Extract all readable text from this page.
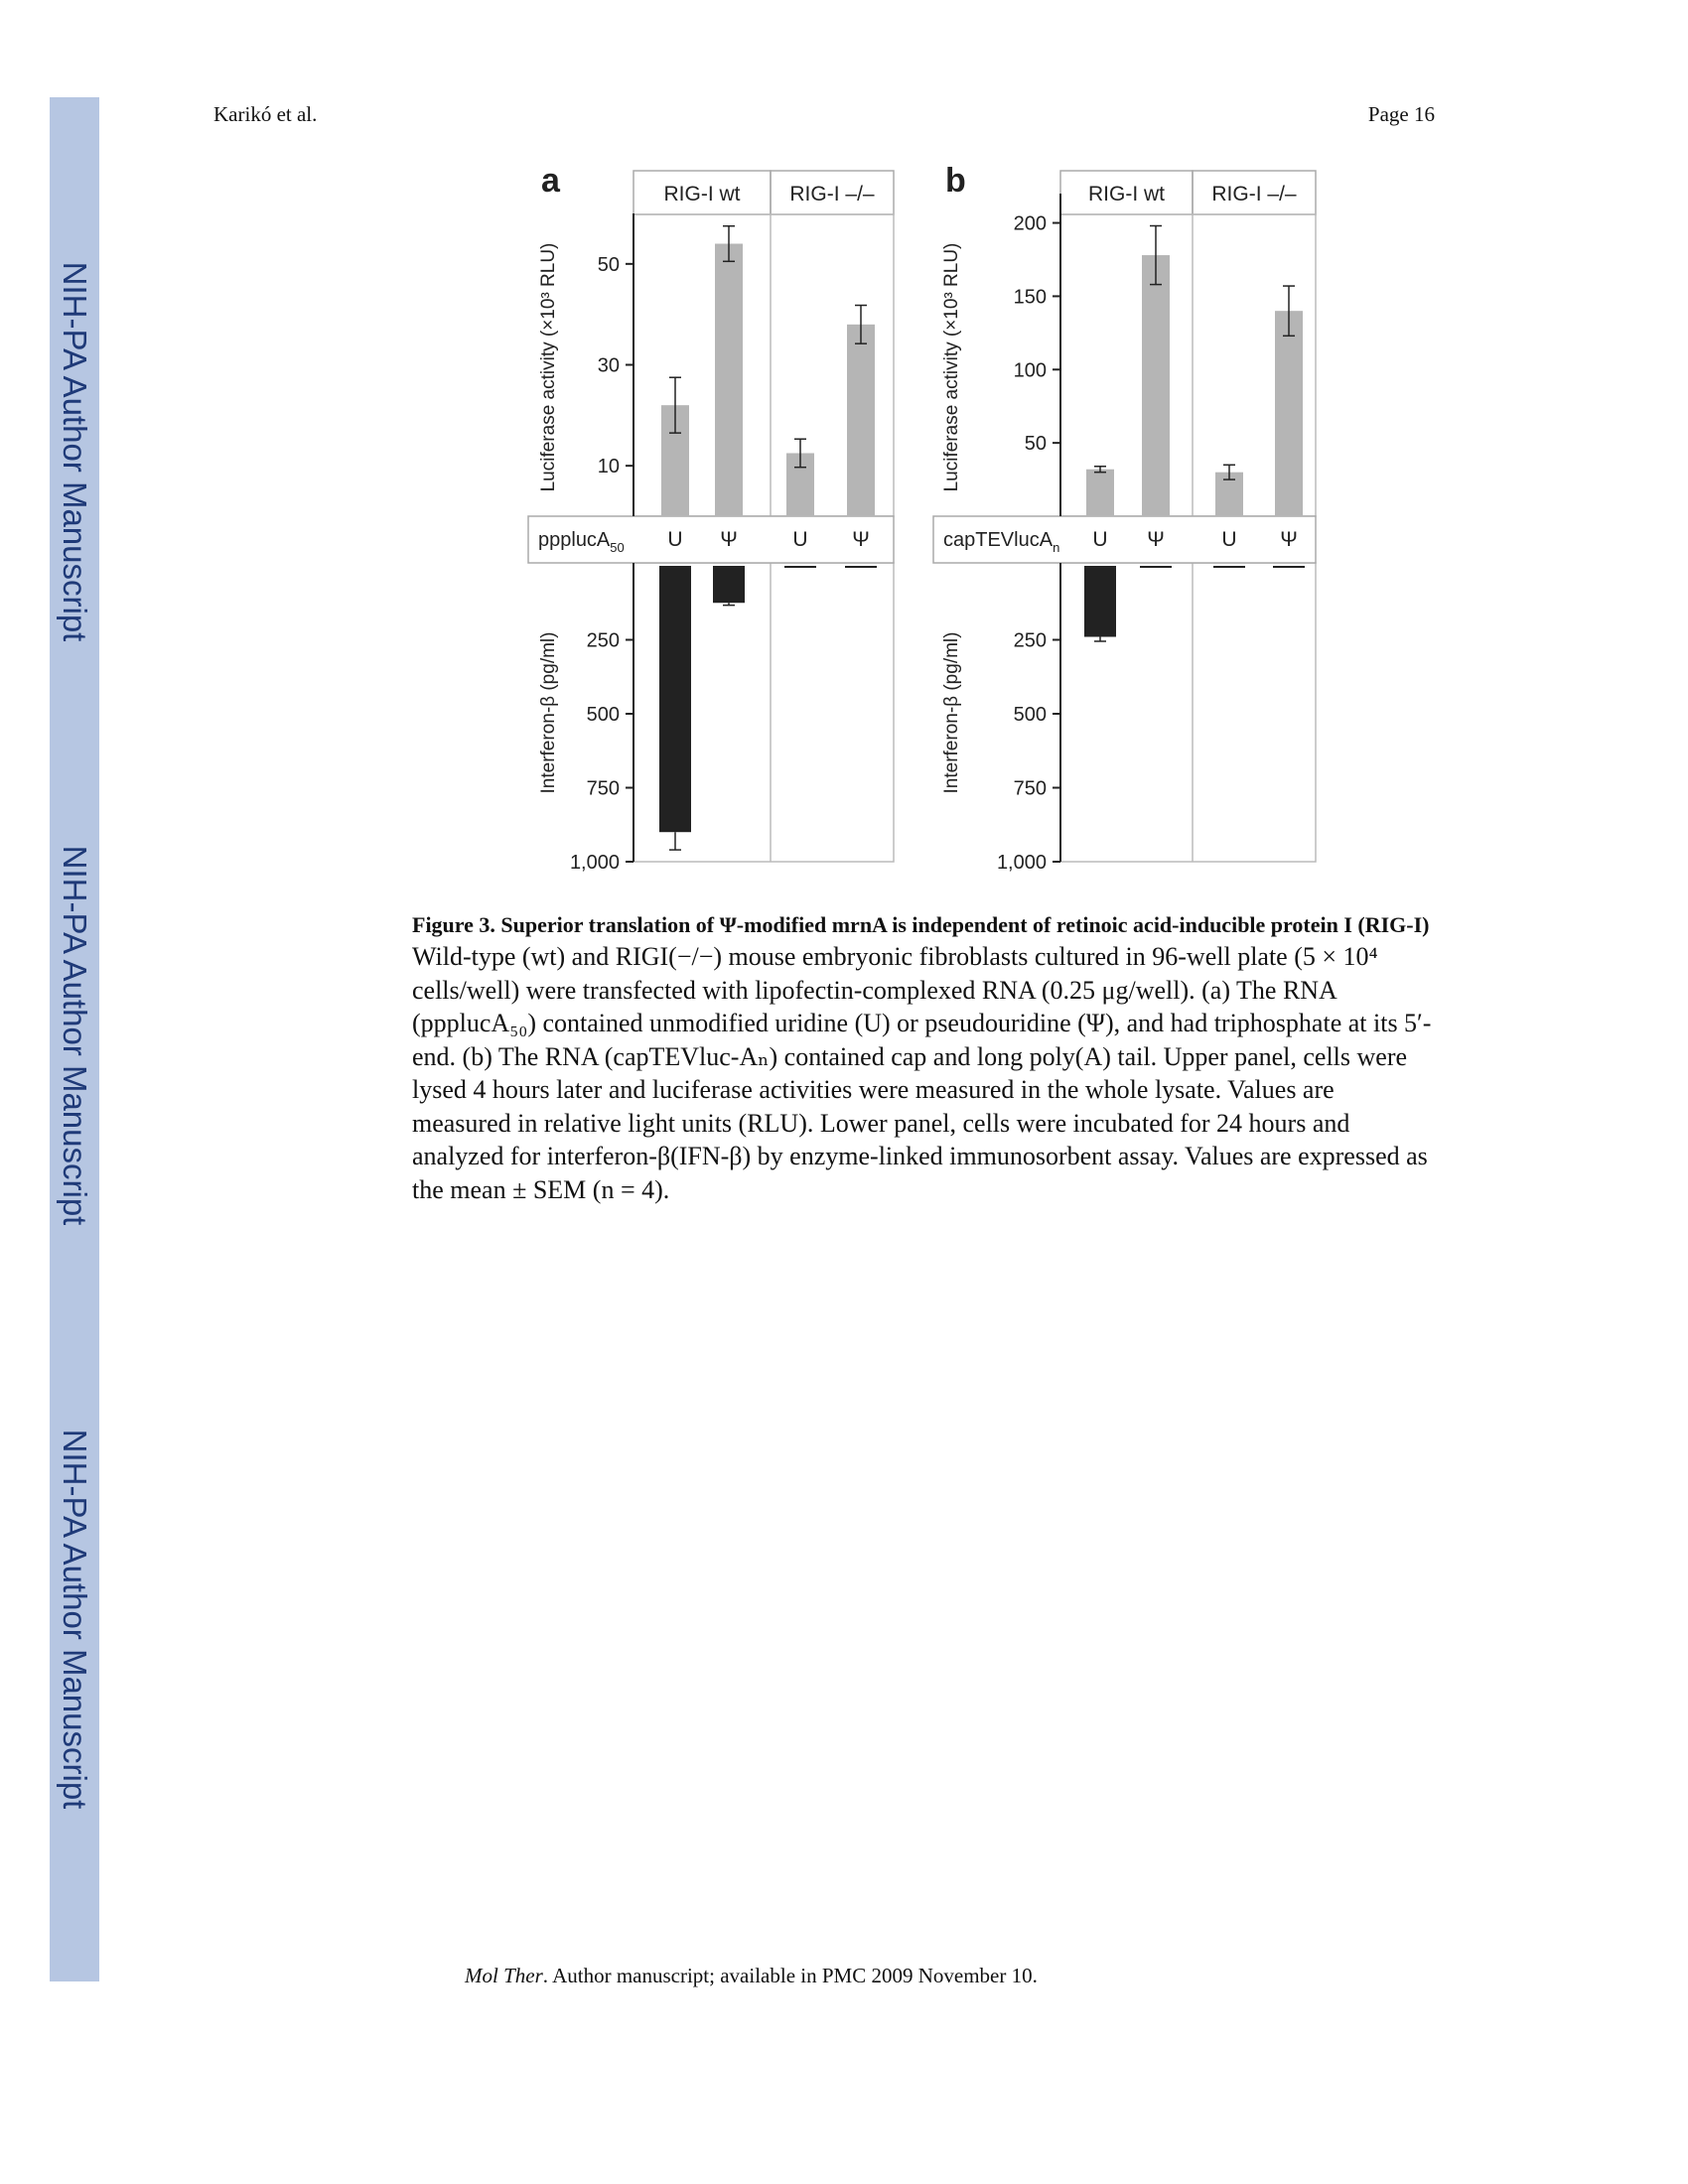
NIH-PA Author Manuscript
NIH-PA Author Manuscript
NIH-PA Author Manuscript
Karikó et al.	Page 16
a	RIG-I wt RIG-I –/–
10
30
50
250
500
750
1,000
Luciferase activity (×10³ RLU)
Interferon-β (pg/ml)
ppplucA$_{50}$ U Ψ	U Ψ
b	RIG-I wt RIG-I –/–
50
100
150
200
250
500
750
1,000
Luciferase activity (×10³ RLU)
Interferon-β (pg/ml)
capTEVlucA$_n$ U Ψ	U Ψ
Figure 3. Superior translation of Ψ-modified mrnA is independent of retinoic acid-inducible protein I (RIG-I)
Wild-type (wt) and RIGI(−/−) mouse embryonic fibroblasts cultured in 96-well plate (5 × 10⁴ cells/well) were transfected with lipofectin-complexed RNA (0.25 μg/well). (a) The RNA (ppplucA₅₀) contained unmodified uridine (U) or pseudouridine (Ψ), and had triphosphate at its 5′-end. (b) The RNA (capTEVluc-Aₙ) contained cap and long poly(A) tail. Upper panel, cells were lysed 4 hours later and luciferase activities were measured in the whole lysate. Values are measured in relative light units (RLU). Lower panel, cells were incubated for 24 hours and analyzed for interferon-β(IFN-β) by enzyme-linked immunosorbent assay. Values are expressed as the mean ± SEM (n = 4).
Mol Ther. Author manuscript; available in PMC 2009 November 10.
